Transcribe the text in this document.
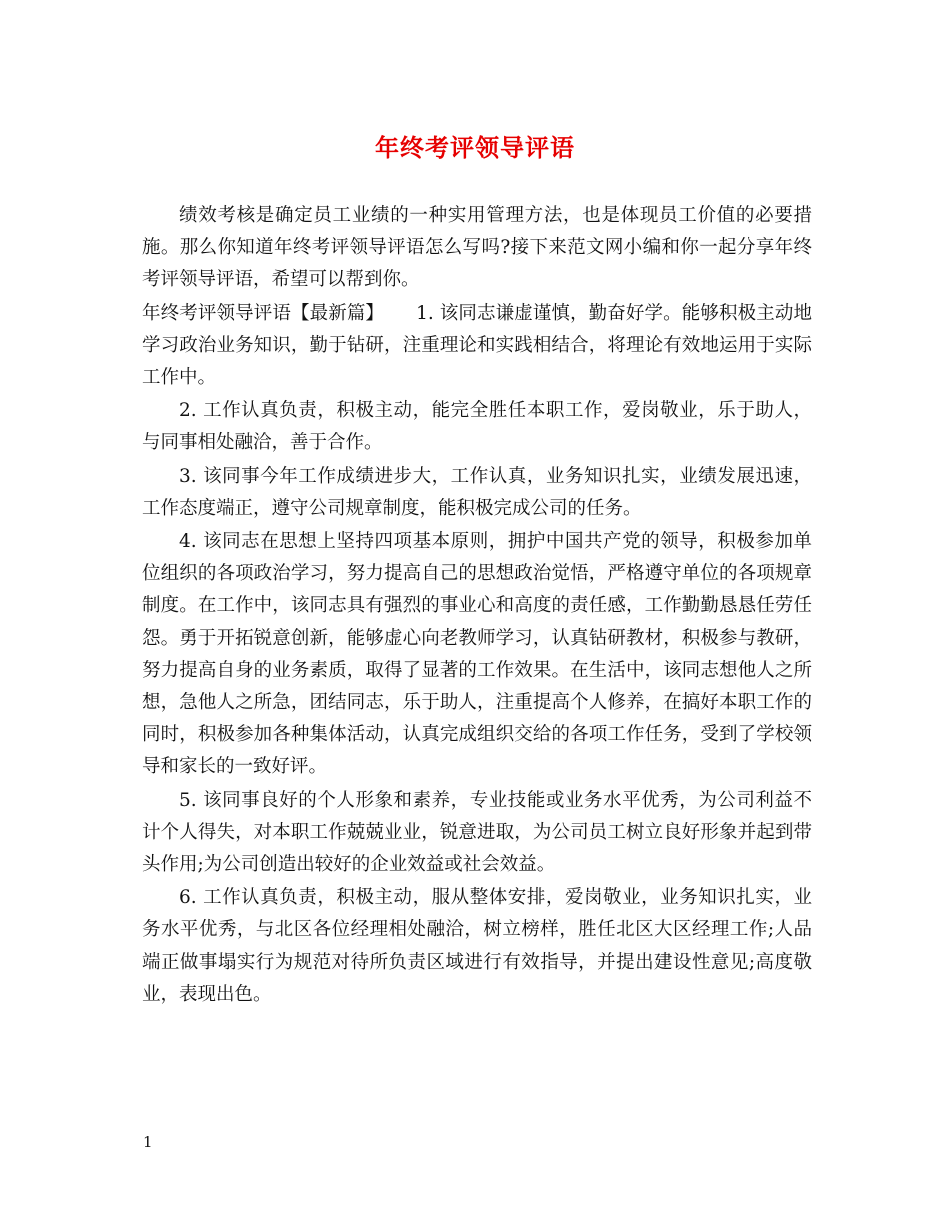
年终考评领导评语

绩效考核是确定员工业绩的一种实用管理方法，也是体现员工价值的必要措施。那么你知道年终考评领导评语怎么写吗?接下来范文网小编和你一起分享年终考评领导评语，希望可以帮到你。

年终考评领导评语【最新篇】 1. 该同志谦虚谨慎，勤奋好学。能够积极主动地学习政治业务知识，勤于钻研，注重理论和实践相结合，将理论有效地运用于实际工作中。

2. 工作认真负责，积极主动，能完全胜任本职工作，爱岗敬业，乐于助人，与同事相处融洽，善于合作。

3. 该同事今年工作成绩进步大，工作认真，业务知识扎实，业绩发展迅速，工作态度端正，遵守公司规章制度，能积极完成公司的任务。

4. 该同志在思想上坚持四项基本原则，拥护中国共产党的领导，积极参加单位组织的各项政治学习，努力提高自己的思想政治觉悟，严格遵守单位的各项规章制度。在工作中，该同志具有强烈的事业心和高度的责任感，工作勤勤恳恳任劳任怨。勇于开拓锐意创新，能够虚心向老教师学习，认真钻研教材，积极参与教研，努力提高自身的业务素质，取得了显著的工作效果。在生活中，该同志想他人之所想，急他人之所急，团结同志，乐于助人，注重提高个人修养，在搞好本职工作的同时，积极参加各种集体活动，认真完成组织交给的各项工作任务，受到了学校领导和家长的一致好评。

5. 该同事良好的个人形象和素养，专业技能或业务水平优秀，为公司利益不计个人得失，对本职工作兢兢业业，锐意进取，为公司员工树立良好形象并起到带头作用;为公司创造出较好的企业效益或社会效益。

6. 工作认真负责，积极主动，服从整体安排，爱岗敬业，业务知识扎实，业务水平优秀，与北区各位经理相处融洽，树立榜样，胜任北区大区经理工作;人品端正做事塌实行为规范对待所负责区域进行有效指导，并提出建设性意见;高度敬业，表现出色。

1
